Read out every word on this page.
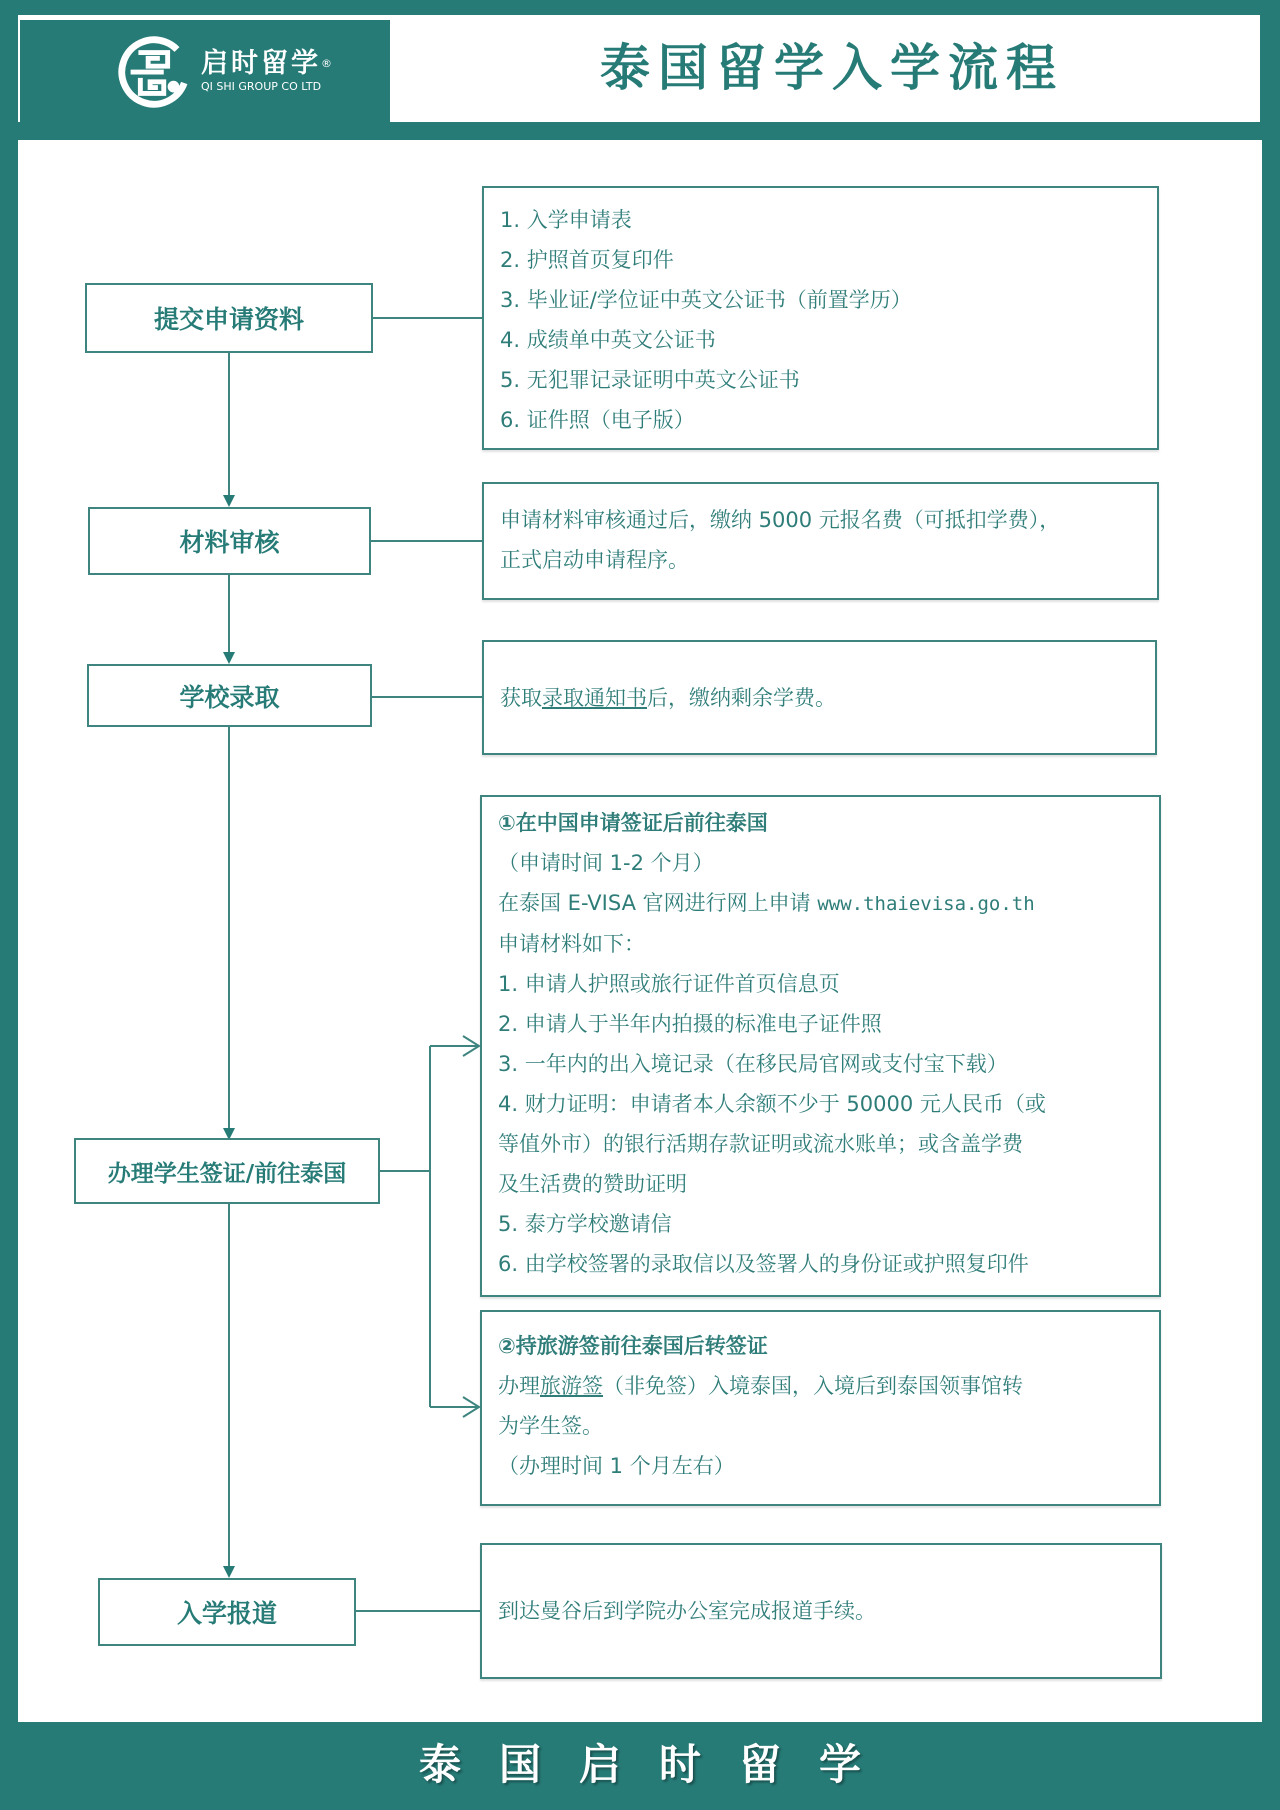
启时留学®
QI SHI GROUP CO LTD	泰国留学入学流程
提交申请资料
材料审核
学校录取
办理学生签证/前往泰国
入学报道
1. 入学申请表
2. 护照首页复印件
3. 毕业证/学位证中英文公证书（前置学历）
4. 成绩单中英文公证书
5. 无犯罪记录证明中英文公证书
6. 证件照（电子版）
申请材料审核通过后，缴纳 5000 元报名费（可抵扣学费），
正式启动申请程序。
获取录取通知书后，缴纳剩余学费。
①在中国申请签证后前往泰国
（申请时间 1-2 个月）
在泰国 E-VISA 官网进行网上申请 www.thaievisa.go.th
申请材料如下：
1. 申请人护照或旅行证件首页信息页
2. 申请人于半年内拍摄的标准电子证件照
3. 一年内的出入境记录（在移民局官网或支付宝下载）
4. 财力证明：申请者本人余额不少于 50000 元人民币（或
等值外市）的银行活期存款证明或流水账单；或含盖学费
及生活费的赞助证明
5. 泰方学校邀请信
6. 由学校签署的录取信以及签署人的身份证或护照复印件
②持旅游签前往泰国后转签证
办理旅游签（非免签）入境泰国，入境后到泰国领事馆转
为学生签。
（办理时间 1 个月左右）
到达曼谷后到学院办公室完成报道手续。
泰国启时留学
